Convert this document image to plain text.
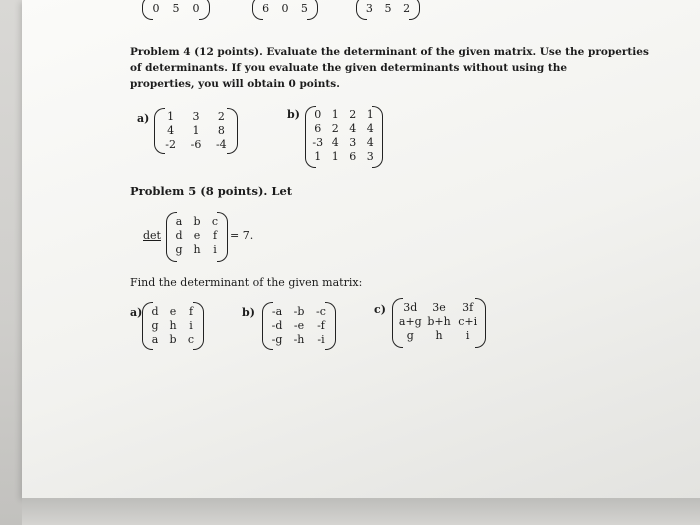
0 5 0	6 0 5	3 5 2
Problem 4 (12 points). Evaluate the determinant of the given matrix. Use the properties
of determinants. If you evaluate the given determinants without using the
properties, you will obtain 0 points.
a) 1 3 2
4 1 8
-2 -6 -4
b) 0 1 2 1
6 2 4 4
-3 4 3 4
1 1 6 3
Problem 5 (8 points). Let
det
a b c
d e f
g h i
= 7.
Find the determinant of the given matrix:
a) d e f
g h i
a b c
b) -a -b -c
-d -e -f
-g -h -i
c) 3d 3e 3f
a+g b+h c+i
g h i
